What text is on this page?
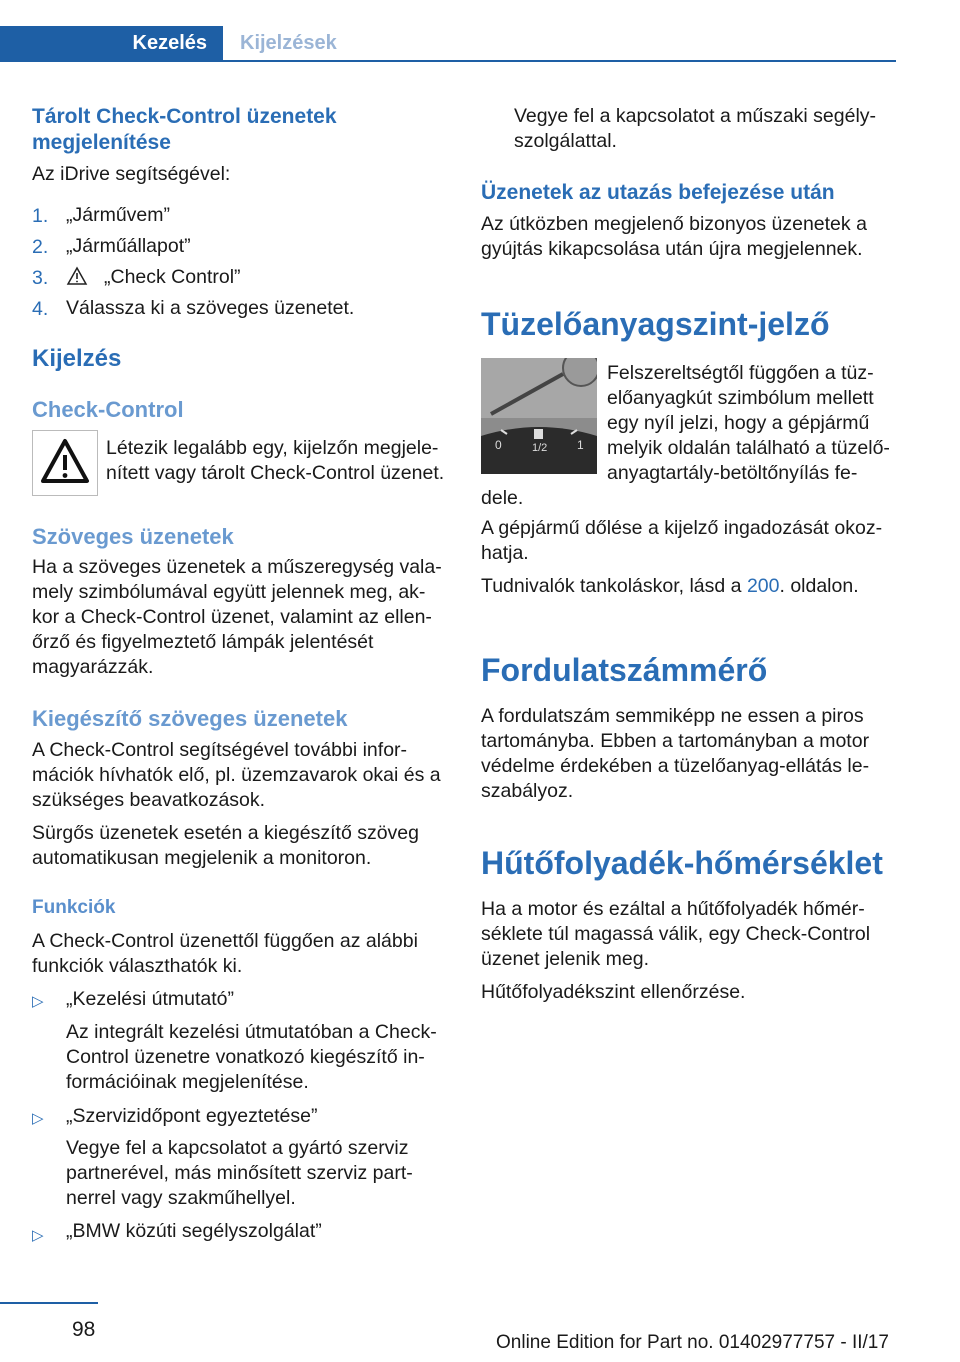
Kezelés	Kijelzések
Tárolt Check-Control üzenetek
megjelenítése
Az iDrive segítségével:
1. „Járművem”
2. „Járműállapot”
3.	„Check Control”
4. Válassza ki a szöveges üzenetet.
Kijelzés
Check-Control
Létezik legalább egy, kijelzőn megjele‐
nített vagy tárolt Check-Control üzenet.
Szöveges üzenetek
Ha a szöveges üzenetek a műszeregység vala‐
mely szimbólumával együtt jelennek meg, ak‐
kor a Check-Control üzenet, valamint az ellen‐
őrző és figyelmeztető lámpák jelentését
magyarázzák.
Kiegészítő szöveges üzenetek
A Check-Control segítségével további infor‐
mációk hívhatók elő, pl. üzemzavarok okai és a
szükséges beavatkozások.
Sürgős üzenetek esetén a kiegészítő szöveg
automatikusan megjelenik a monitoron.
Funkciók
A Check-Control üzenettől függően az alábbi
funkciók választhatók ki.
▷ „Kezelési útmutató”
Az integrált kezelési útmutatóban a Check-
Control üzenetre vonatkozó kiegészítő in‐
formációinak megjelenítése.
▷ „Szervizidőpont egyeztetése”
Vegye fel a kapcsolatot a gyártó szerviz
partnerével, más minősített szerviz part‐
nerrel vagy szakműhellyel.
▷ „BMW közúti segélyszolgálat”
Vegye fel a kapcsolatot a műszaki segély‐
szolgálattal.
Üzenetek az utazás befejezése után
Az útközben megjelenő bizonyos üzenetek a
gyújtás kikapcsolása után újra megjelennek.
Tüzelőanyagszint-jelző
0	1/2 1
Felszereltségtől függően a tüz‐
előanyagkút szimbólum mellett
egy nyíl jelzi, hogy a gépjármű
melyik oldalán található a tüzelő‐
anyagtartály-betöltőnyílás fe‐
dele.
A gépjármű dőlése a kijelző ingadozását okoz‐
hatja.
Tudnivalók tankoláskor, lásd a 200. oldalon.
Fordulatszámmérő
A fordulatszám semmiképp ne essen a piros
tartományba. Ebben a tartományban a motor
védelme érdekében a tüzelőanyag-ellátás le‐
szabályoz.
Hűtőfolyadék-hőmérséklet
Ha a motor és ezáltal a hűtőfolyadék hőmér‐
séklete túl magassá válik, egy Check-Control
üzenet jelenik meg.
Hűtőfolyadékszint ellenőrzése.
98
Online Edition for Part no. 01402977757 - II/17
